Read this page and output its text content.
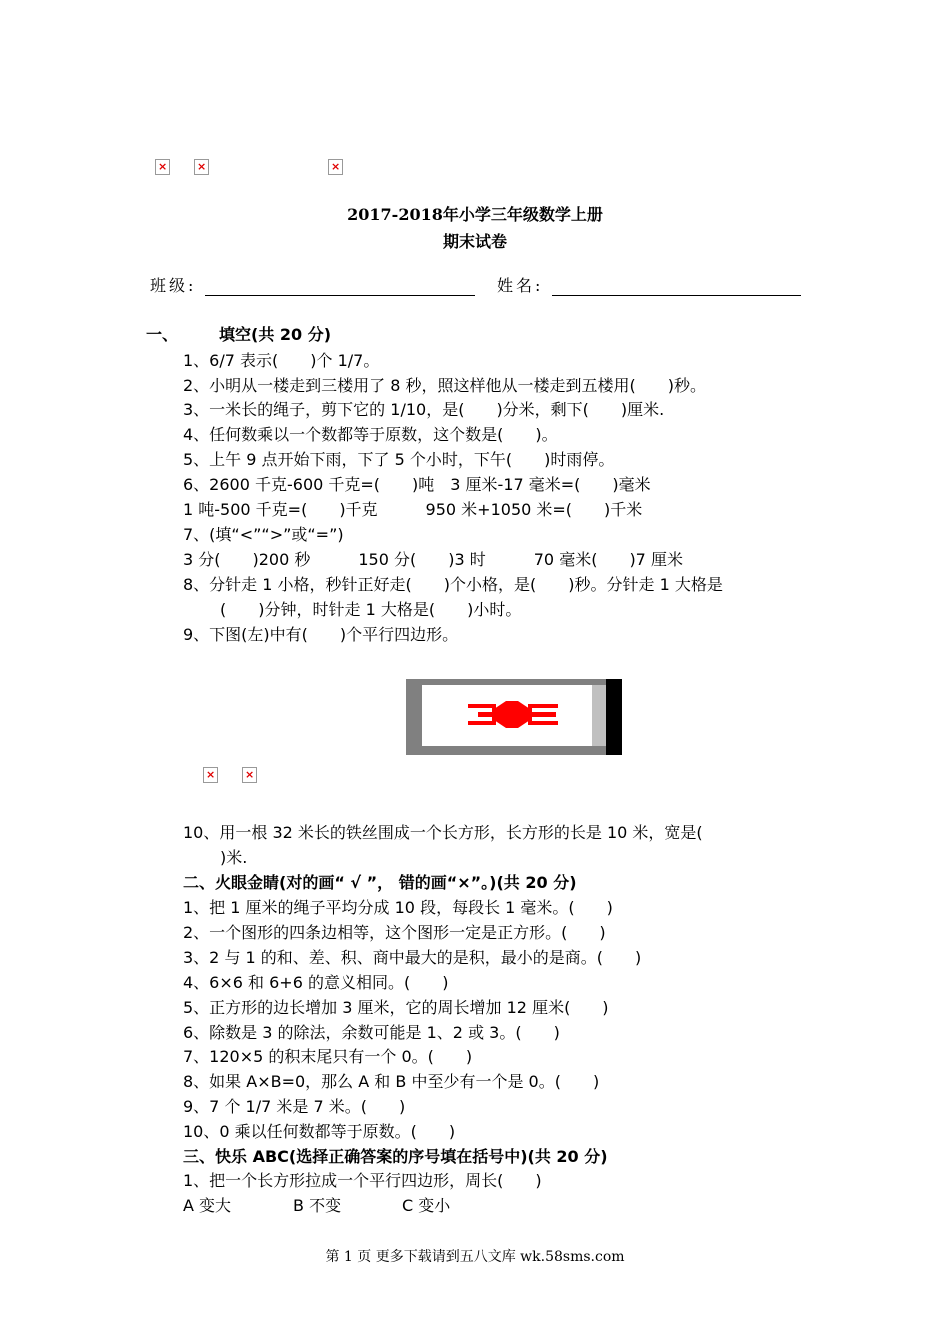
×	×	×
2017-2018年小学三年级数学上册
期末试卷
班级:	姓名:
一、	填空(共 20 分)
1、6/7 表示(　　)个 1/7。
2、小明从一楼走到三楼用了 8 秒，照这样他从一楼走到五楼用(　　)秒。
3、一米长的绳子，剪下它的 1/10，是(　　)分米，剩下(　　)厘米.
4、任何数乘以一个数都等于原数，这个数是(　　)。
5、上午 9 点开始下雨，下了 5 个小时，下午(　　)时雨停。
6、2600 千克-600 千克=(　　)吨　3 厘米-17 毫米=(　　)毫米
1 吨-500 千克=(　　)千克　　　950 米+1050 米=(　　)千米
7、(填“<”“>”或“=”)
3 分(　　)200 秒　　　150 分(　　)3 时　　　70 毫米(　　)7 厘米
8、分针走 1 小格，秒针正好走(　　)个小格，是(　　)秒。分针走 1 大格是
(　　)分钟，时针走 1 大格是(　　)小时。
9、下图(左)中有(　　)个平行四边形。
×	×
10、用一根 32 米长的铁丝围成一个长方形，长方形的长是 10 米，宽是(
)米.
二、火眼金睛(对的画“ √ ”， 错的画“×”。)(共 20 分)
1、把 1 厘米的绳子平均分成 10 段，每段长 1 毫米。(　　)
2、一个图形的四条边相等，这个图形一定是正方形。(　　)
3、2 与 1 的和、差、积、商中最大的是积，最小的是商。(　　)
4、6×6 和 6+6 的意义相同。(　　)
5、正方形的边长增加 3 厘米，它的周长增加 12 厘米(　　)
6、除数是 3 的除法，余数可能是 1、2 或 3。(　　)
7、120×5 的积末尾只有一个 0。(　　)
8、如果 A×B=0，那么 A 和 B 中至少有一个是 0。(　　)
9、7 个 1/7 米是 7 米。(　　)
10、0 乘以任何数都等于原数。(　　)
三、快乐 ABC(选择正确答案的序号填在括号中)(共 20 分)
1、把一个长方形拉成一个平行四边形，周长(　　)
A 变大	B 不变	C 变小
第 1 页 更多下载请到五八文库 wk.58sms.com
